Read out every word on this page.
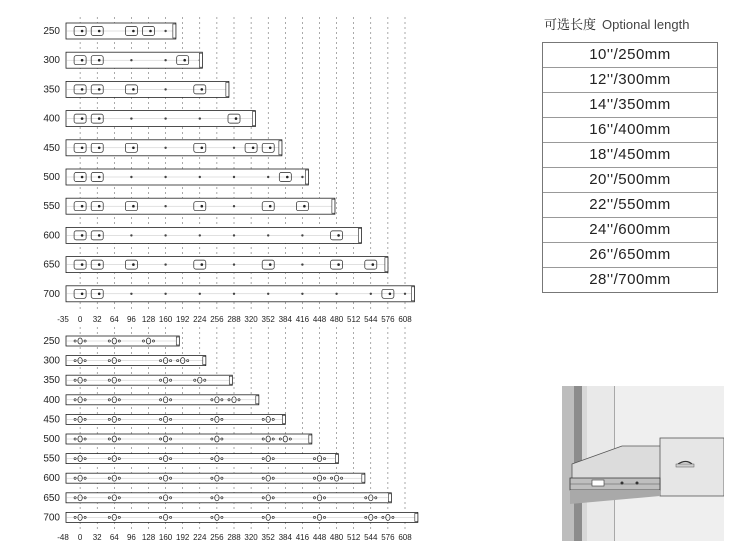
250
300
350
400
450
500
550
600
650
700
-35 0 32 64 96 128 160 192 224 256 288 320 352 384 416 448 480 512 544 576 608
250
300
350
400
450
500
550
600
650
700
-48 0 32 64 96 128 160 192 224 256 288 320 352 384 416 448 480 512 544 576 608
可选长度 Optional length
10''/250mm
12''/300mm
14''/350mm
16''/400mm
18''/450mm
20''/500mm
22''/550mm
24''/600mm
26''/650mm
28''/700mm
